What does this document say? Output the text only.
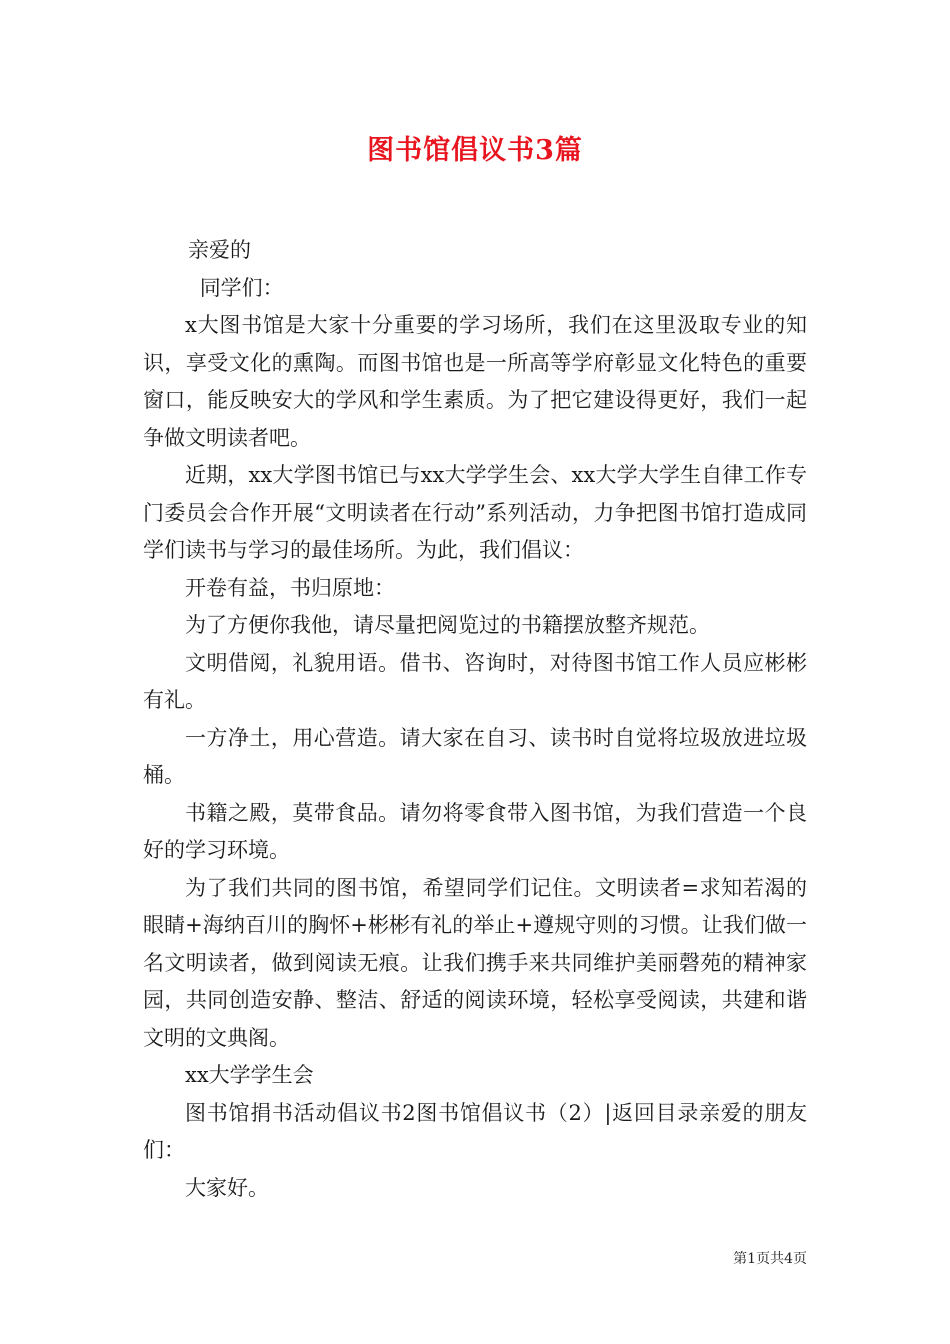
图书馆倡议书3篇

亲爱的

同学们：

x大图书馆是大家十分重要的学习场所，我们在这里汲取专业的知识，享受文化的熏陶。而图书馆也是一所高等学府彰显文化特色的重要窗口，能反映安大的学风和学生素质。为了把它建设得更好，我们一起争做文明读者吧。

近期，xx大学图书馆已与xx大学学生会、xx大学大学生自律工作专门委员会合作开展“文明读者在行动”系列活动，力争把图书馆打造成同学们读书与学习的最佳场所。为此，我们倡议：

开卷有益，书归原地：

为了方便你我他，请尽量把阅览过的书籍摆放整齐规范。

文明借阅，礼貌用语。借书、咨询时，对待图书馆工作人员应彬彬有礼。

一方净土，用心营造。请大家在自习、读书时自觉将垃圾放进垃圾桶。

书籍之殿，莫带食品。请勿将零食带入图书馆，为我们营造一个良好的学习环境。

为了我们共同的图书馆，希望同学们记住。文明读者=求知若渴的眼睛+海纳百川的胸怀+彬彬有礼的举止+遵规守则的习惯。让我们做一名文明读者，做到阅读无痕。让我们携手来共同维护美丽磬苑的精神家园，共同创造安静、整洁、舒适的阅读环境，轻松享受阅读，共建和谐文明的文典阁。

xx大学学生会

图书馆捐书活动倡议书2图书馆倡议书（2）|返回目录亲爱的朋友们：

大家好。

第1页共4页
